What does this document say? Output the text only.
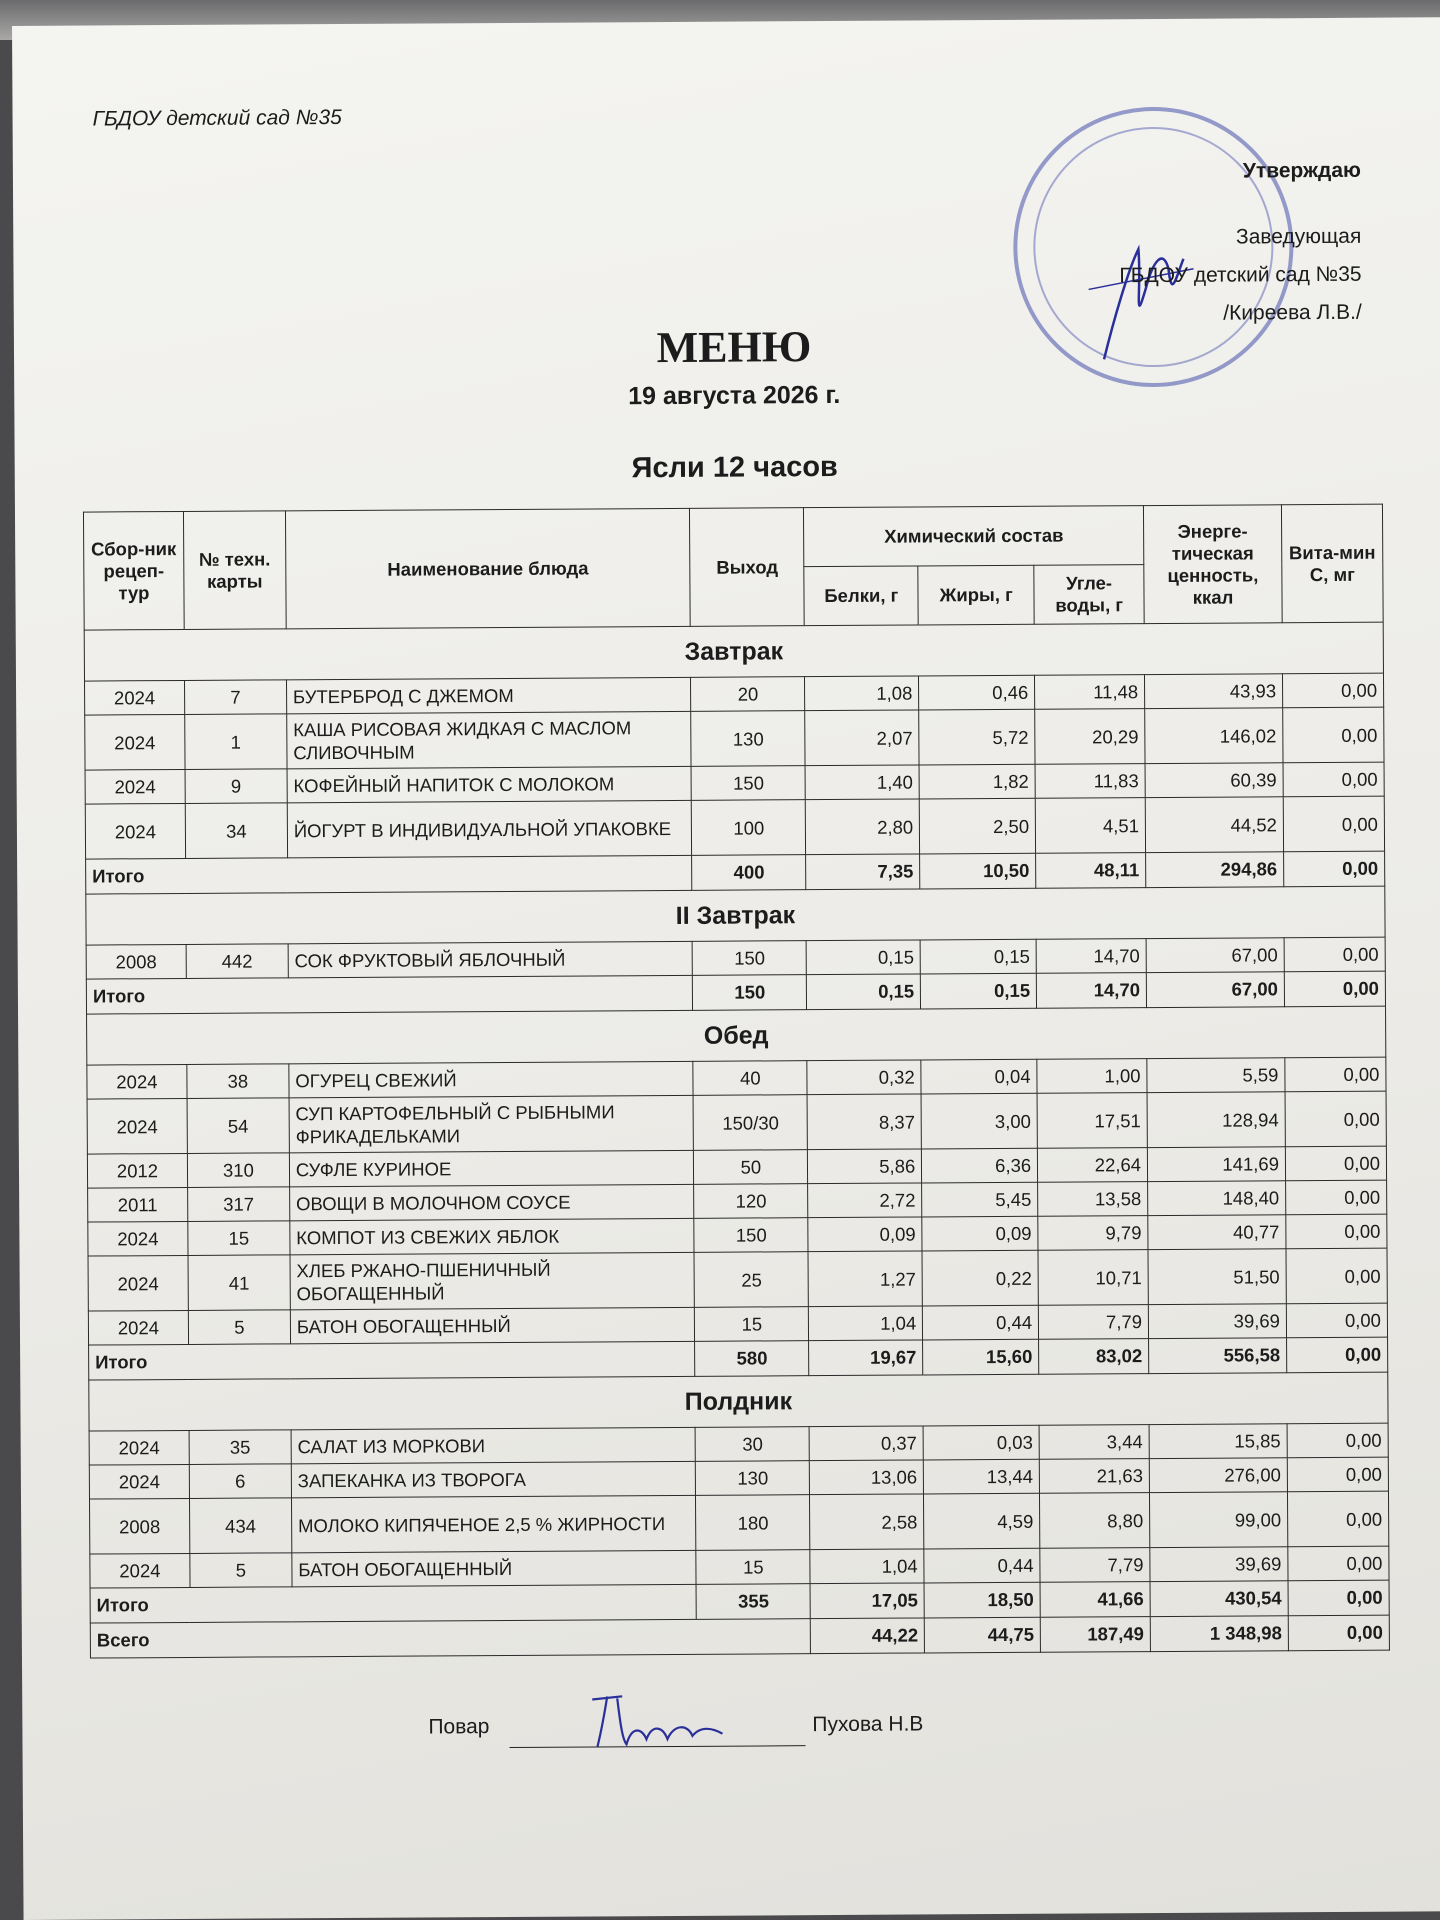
ГБДОУ детский сад №35
Утверждаю
Заведующая
ГБДОУ детский сад №35
/Киреева Л.В./
МЕНЮ
19 августа 2026 г.
Ясли 12 часов
Сбор-ник рецеп-тур	№ техн. карты	Наименование блюда	Выход	Химический состав			Энерге-тическая ценность, ккал	Вита-мин С, мг
				Белки, г	Жиры, г	Угле-воды, г		
Завтрак								
2024	7	БУТЕРБРОД С ДЖЕМОМ	20	1,08	0,46	11,48	43,93	0,00
2024	1	КАША РИСОВАЯ ЖИДКАЯ С МАСЛОМ СЛИВОЧНЫМ	130	2,07	5,72	20,29	146,02	0,00
2024	9	КОФЕЙНЫЙ НАПИТОК С МОЛОКОМ	150	1,40	1,82	11,83	60,39	0,00
2024	34	ЙОГУРТ В ИНДИВИДУАЛЬНОЙ УПАКОВКЕ	100	2,80	2,50	4,51	44,52	0,00
Итого			400	7,35	10,50	48,11	294,86	0,00
II Завтрак								
2008	442	СОК ФРУКТОВЫЙ ЯБЛОЧНЫЙ	150	0,15	0,15	14,70	67,00	0,00
Итого			150	0,15	0,15	14,70	67,00	0,00
Обед								
2024	38	ОГУРЕЦ СВЕЖИЙ	40	0,32	0,04	1,00	5,59	0,00
2024	54	СУП КАРТОФЕЛЬНЫЙ С РЫБНЫМИ ФРИКАДЕЛЬКАМИ	150/30	8,37	3,00	17,51	128,94	0,00
2012	310	СУФЛЕ КУРИНОЕ	50	5,86	6,36	22,64	141,69	0,00
2011	317	ОВОЩИ В МОЛОЧНОМ СОУСЕ	120	2,72	5,45	13,58	148,40	0,00
2024	15	КОМПОТ ИЗ СВЕЖИХ ЯБЛОК	150	0,09	0,09	9,79	40,77	0,00
2024	41	ХЛЕБ РЖАНО-ПШЕНИЧНЫЙ ОБОГАЩЕННЫЙ	25	1,27	0,22	10,71	51,50	0,00
2024	5	БАТОН ОБОГАЩЕННЫЙ	15	1,04	0,44	7,79	39,69	0,00
Итого			580	19,67	15,60	83,02	556,58	0,00
Полдник								
2024	35	САЛАТ ИЗ МОРКОВИ	30	0,37	0,03	3,44	15,85	0,00
2024	6	ЗАПЕКАНКА ИЗ ТВОРОГА	130	13,06	13,44	21,63	276,00	0,00
2008	434	МОЛОКО КИПЯЧЕНОЕ 2,5 % ЖИРНОСТИ	180	2,58	4,59	8,80	99,00	0,00
2024	5	БАТОН ОБОГАЩЕННЫЙ	15	1,04	0,44	7,79	39,69	0,00
Итого			355	17,05	18,50	41,66	430,54	0,00
Всего				44,22	44,75	187,49	1 348,98	0,00
Повар	Пухова Н.В
